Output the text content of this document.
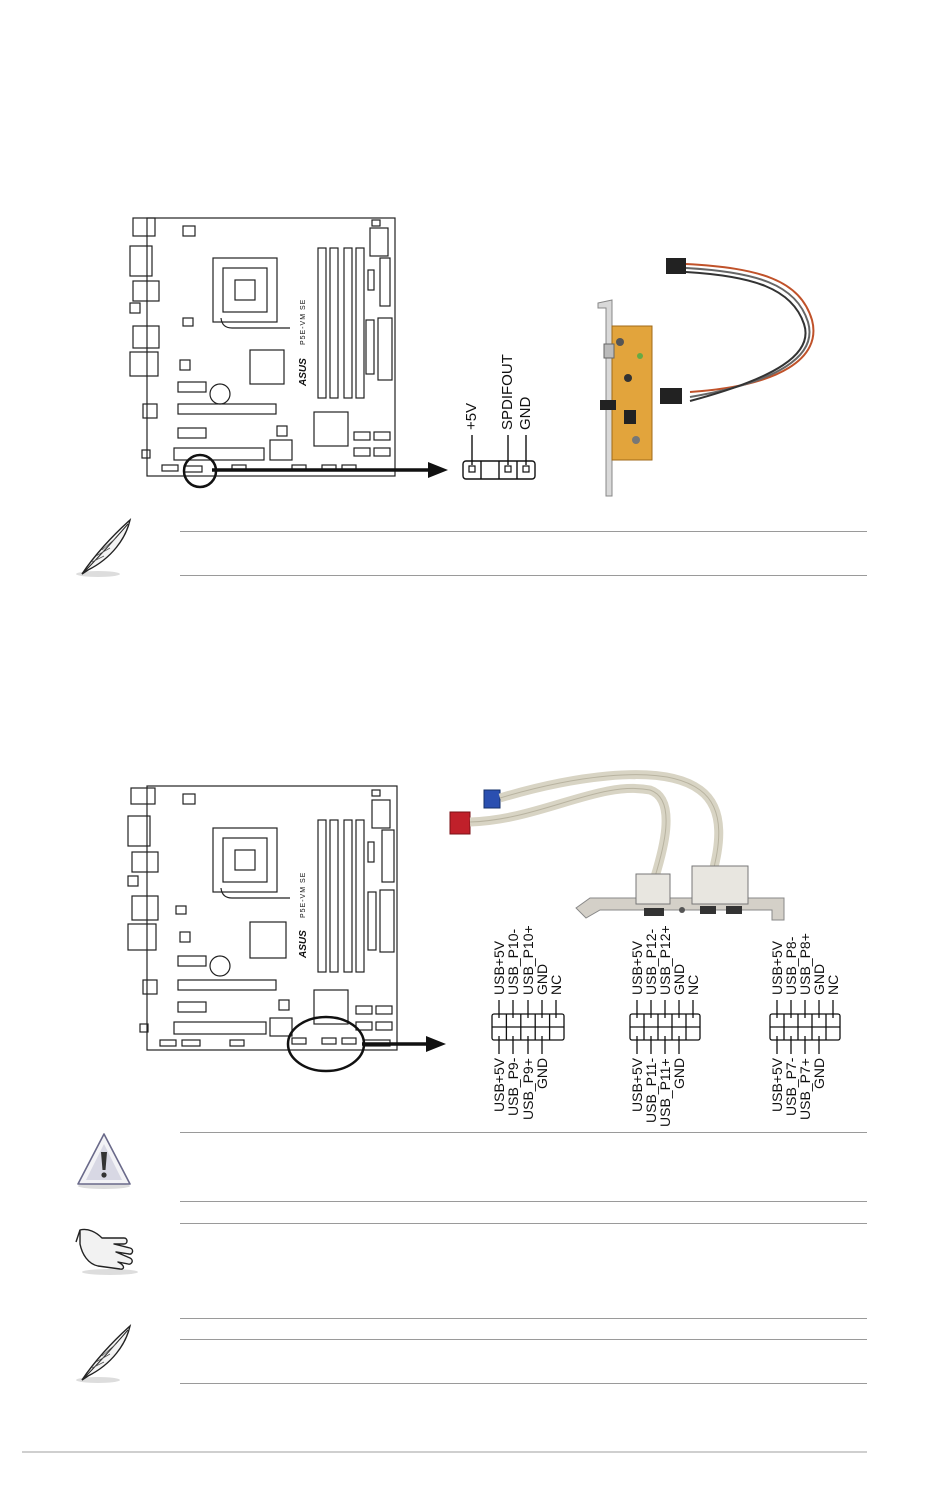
P5E-VM SE
ASUS
+5V SPDIFOUT GND
P5E-VM SE
ASUS	USB+5V
USB_P10- USB_P10+
GND
NC	USB+5V
USB_P12-
USB_P12+
GND
NC	USB+5V
USB_P8-
USB_P8+
GND
NC
USB+5V
USB_P9- USB_P9+
GND	USB+5V
USB_P11-
USB_P11+
GND	USB+5V
USB_P7-
USB_P7+
GND
